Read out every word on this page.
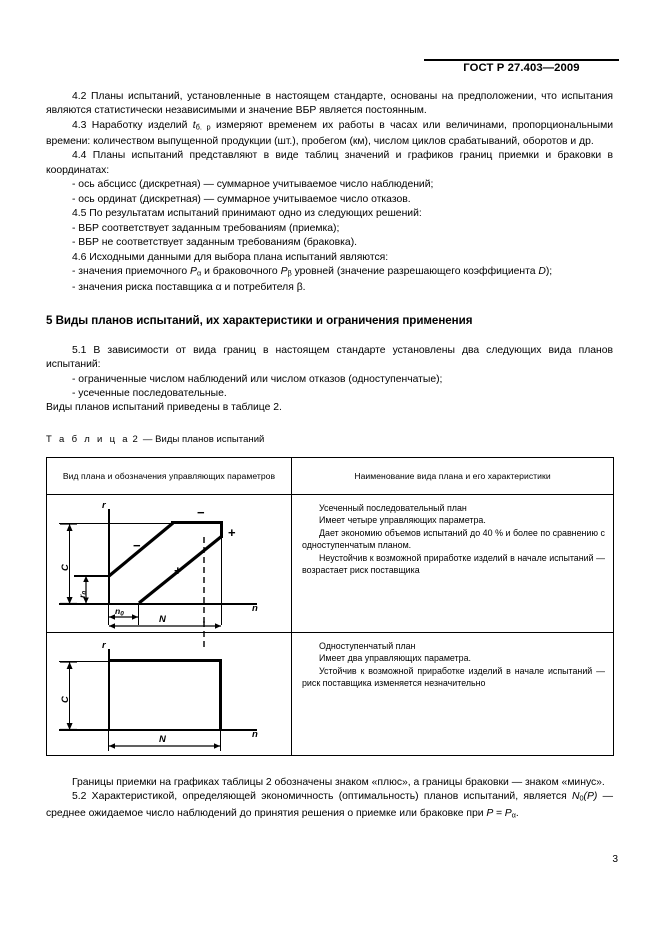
ГОСТ Р 27.403—2009

4.2 Планы испытаний, установленные в настоящем стандарте, основаны на предположении, что испытания являются статистически независимыми и значение ВБР является постоянным.

4.3 Наработку изделий $t_{б. р}$ измеряют временем их работы в часах или величинами, пропорциональными времени: количеством выпущенной продукции (шт.), пробегом (км), числом циклов срабатываний, оборотов и др.

4.4 Планы испытаний представляют в виде таблиц значений и графиков границ приемки и браковки в координатах:

- ось абсцисс (дискретная) — суммарное учитываемое число наблюдений;

- ось ординат (дискретная) — суммарное учитываемое число отказов.

4.5 По результатам испытаний принимают одно из следующих решений:

- ВБР соответствует заданным требованиям (приемка);

- ВБР не соответствует заданным требованиям (браковка).

4.6 Исходными данными для выбора плана испытаний являются:

- значения приемочного $P_\alpha$ и браковочного $P_\beta$ уровней (значение разрешающего коэффициента D);

- значения риска поставщика α и потребителя β.

5 Виды планов испытаний, их характеристики и ограничения применения

5.1 В зависимости от вида границ в настоящем стандарте установлены два следующих вида планов испытаний:

- ограниченные числом наблюдений или числом отказов (одноступенчатые);

- усеченные последовательные.

Виды планов испытаний приведены в таблице 2.

Т а б л и ц а 2 — Виды планов испытаний
Вид плана и обозначения управляющих параметров	Наименование вида плана и его характеристики
C
$r_0$
$n_0$
N
r
n
−
−
+
+

Усеченный последовательный план

Имеет четыре управляющих параметра.

Дает экономию объемов испытаний до 40 % и более по сравнению с одноступенчатым планом.

Неустойчив к возможной приработке изделий в начале испытаний — возрастает риск поставщика

C
N
r
n

Одноступенчатый план

Имеет два управляющих параметра.

Устойчив к возможной приработке изделий в начале испытаний — риск поставщика изменяется незначительно

Границы приемки на графиках таблицы 2 обозначены знаком «плюс», а границы браковки — знаком «минус».

5.2 Характеристикой, определяющей экономичность (оптимальность) планов испытаний, является $N_0(P)$ — среднее ожидаемое число наблюдений до принятия решения о приемке или браковке при $P = P_\alpha$.

3
